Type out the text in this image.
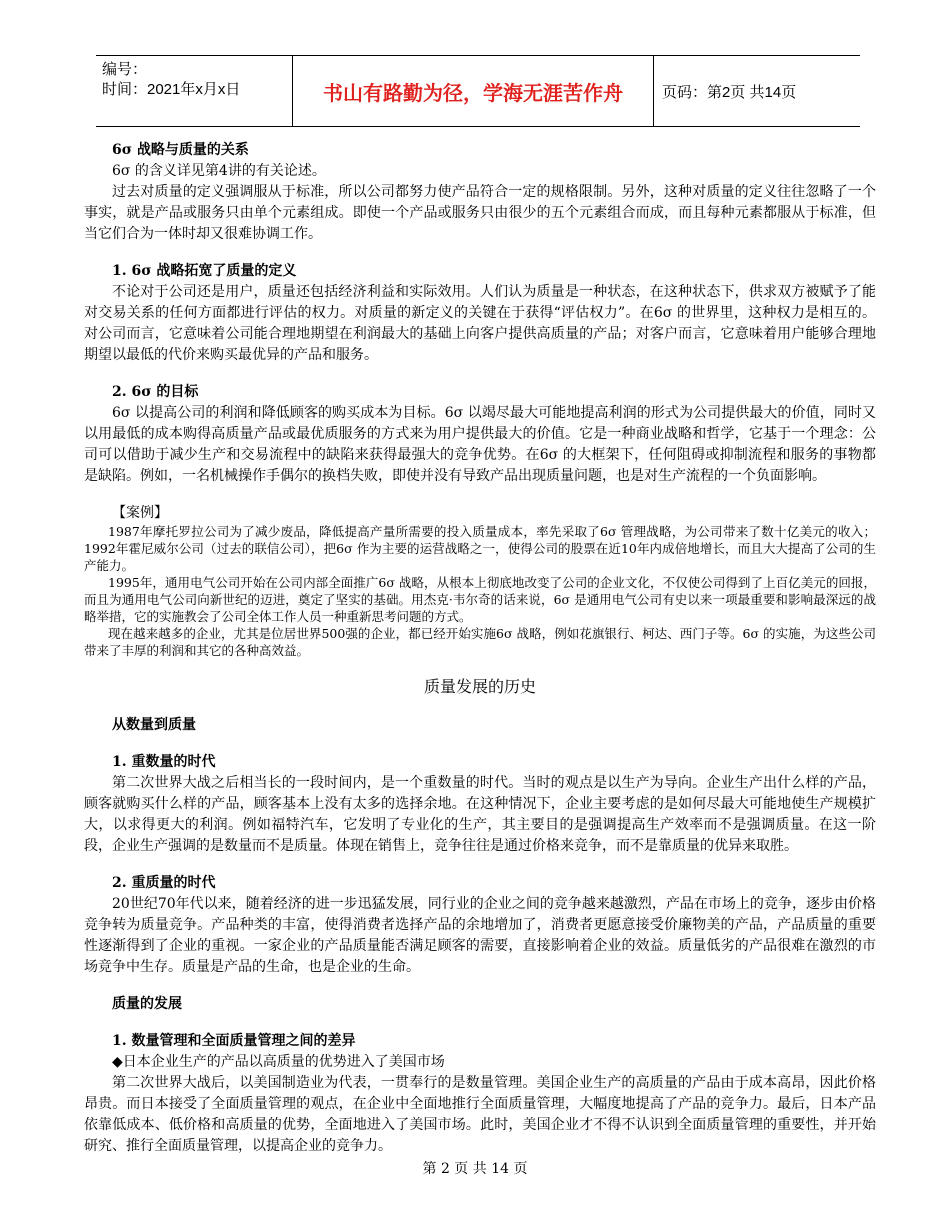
编号：
时间：2021年x月x日	书山有路勤为径，学海无涯苦作舟	页码：第2页 共14页

6σ 战略与质量的关系

6σ 的含义详见第4讲的有关论述。

过去对质量的定义强调服从于标准，所以公司都努力使产品符合一定的规格限制。另外，这种对质量的定义往往忽略了一个事实，就是产品或服务只由单个元素组成。即使一个产品或服务只由很少的五个元素组合而成，而且每种元素都服从于标准，但当它们合为一体时却又很难协调工作。

1. 6σ 战略拓宽了质量的定义

不论对于公司还是用户，质量还包括经济利益和实际效用。人们认为质量是一种状态，在这种状态下，供求双方被赋予了能对交易关系的任何方面都进行评估的权力。对质量的新定义的关键在于获得“评估权力”。在6σ 的世界里，这种权力是相互的。对公司而言，它意味着公司能合理地期望在利润最大的基础上向客户提供高质量的产品；对客户而言，它意味着用户能够合理地期望以最低的代价来购买最优异的产品和服务。

2. 6σ 的目标

6σ 以提高公司的利润和降低顾客的购买成本为目标。6σ 以竭尽最大可能地提高利润的形式为公司提供最大的价值，同时又以用最低的成本购得高质量产品或最优质服务的方式来为用户提供最大的价值。它是一种商业战略和哲学，它基于一个理念：公司可以借助于减少生产和交易流程中的缺陷来获得最强大的竞争优势。在6σ 的大框架下，任何阻碍或抑制流程和服务的事物都是缺陷。例如，一名机械操作手偶尔的换档失败，即使并没有导致产品出现质量问题，也是对生产流程的一个负面影响。

【案例】

1987年摩托罗拉公司为了减少废品，降低提高产量所需要的投入质量成本，率先采取了6σ 管理战略，为公司带来了数十亿美元的收入；1992年霍尼威尔公司（过去的联信公司），把6σ 作为主要的运营战略之一，使得公司的股票在近10年内成倍地增长，而且大大提高了公司的生产能力。

1995年，通用电气公司开始在公司内部全面推广6σ 战略，从根本上彻底地改变了公司的企业文化，不仅使公司得到了上百亿美元的回报，而且为通用电气公司向新世纪的迈进，奠定了坚实的基础。用杰克·韦尔奇的话来说，6σ 是通用电气公司有史以来一项最重要和影响最深远的战略举措，它的实施教会了公司全体工作人员一种重新思考问题的方式。

现在越来越多的企业，尤其是位居世界500强的企业，都已经开始实施6σ 战略，例如花旗银行、柯达、西门子等。6σ 的实施，为这些公司带来了丰厚的利润和其它的各种高效益。

质量发展的历史

从数量到质量

1. 重数量的时代

第二次世界大战之后相当长的一段时间内，是一个重数量的时代。当时的观点是以生产为导向。企业生产出什么样的产品，顾客就购买什么样的产品，顾客基本上没有太多的选择余地。在这种情况下，企业主要考虑的是如何尽最大可能地使生产规模扩大，以求得更大的利润。例如福特汽车，它发明了专业化的生产，其主要目的是强调提高生产效率而不是强调质量。在这一阶段，企业生产强调的是数量而不是质量。体现在销售上，竞争往往是通过价格来竞争，而不是靠质量的优异来取胜。

2. 重质量的时代

20世纪70年代以来，随着经济的进一步迅猛发展，同行业的企业之间的竞争越来越激烈，产品在市场上的竞争，逐步由价格竞争转为质量竞争。产品种类的丰富，使得消费者选择产品的余地增加了，消费者更愿意接受价廉物美的产品，产品质量的重要性逐渐得到了企业的重视。一家企业的产品质量能否满足顾客的需要，直接影响着企业的效益。质量低劣的产品很难在激烈的市场竞争中生存。质量是产品的生命，也是企业的生命。

质量的发展

1. 数量管理和全面质量管理之间的差异

◆ 日本企业生产的产品以高质量的优势进入了美国市场

第二次世界大战后，以美国制造业为代表，一贯奉行的是数量管理。美国企业生产的高质量的产品由于成本高昂，因此价格昂贵。而日本接受了全面质量管理的观点，在企业中全面地推行全面质量管理，大幅度地提高了产品的竞争力。最后，日本产品依靠低成本、低价格和高质量的优势，全面地进入了美国市场。此时，美国企业才不得不认识到全面质量管理的重要性，并开始研究、推行全面质量管理，以提高企业的竞争力。

第 2 页 共 14 页
